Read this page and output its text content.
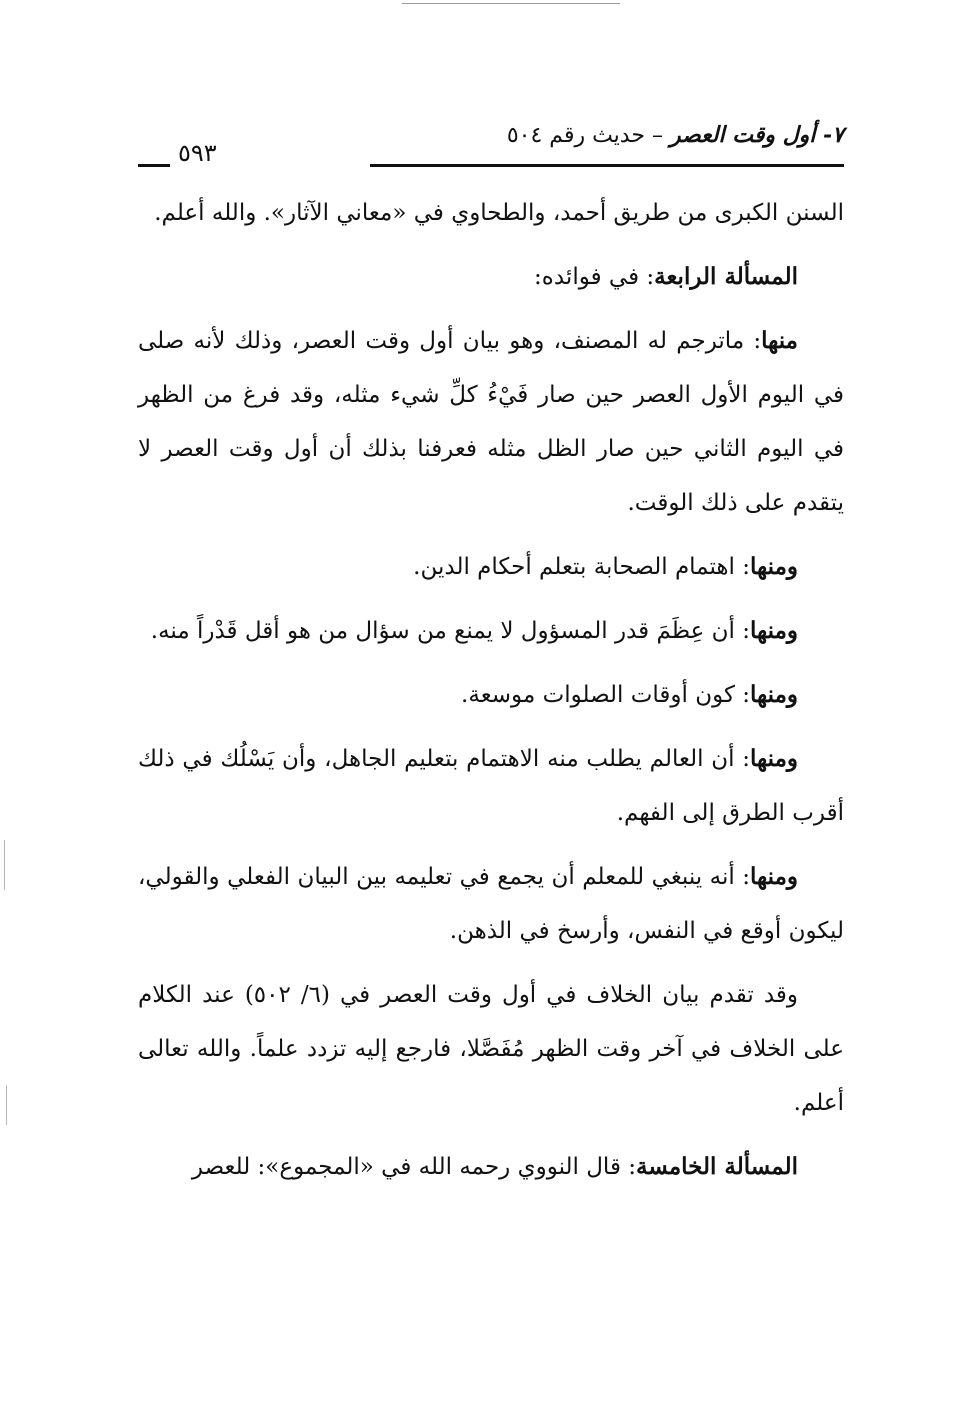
٧- أول وقت العصر – حديث رقم ٥٠٤
٥٩٣

السنن الكبرى من طريق أحمد، والطحاوي في «معاني الآثار». والله أعلم.

المسألة الرابعة: في فوائده:

منها: ماترجم له المصنف، وهو بيان أول وقت العصر، وذلك لأنه صلى في اليوم الأول العصر حين صار فَيْءُ كلِّ شيء مثله، وقد فرغ من الظهر في اليوم الثاني حين صار الظل مثله فعرفنا بذلك أن أول وقت العصر لا يتقدم على ذلك الوقت.

ومنها: اهتمام الصحابة بتعلم أحكام الدين.

ومنها: أن عِظَمَ قدر المسؤول لا يمنع من سؤال من هو أقل قَدْراً منه.

ومنها: كون أوقات الصلوات موسعة.

ومنها: أن العالم يطلب منه الاهتمام بتعليم الجاهل، وأن يَسْلُك في ذلك أقرب الطرق إلى الفهم.

ومنها: أنه ينبغي للمعلم أن يجمع في تعليمه بين البيان الفعلي والقولي، ليكون أوقع في النفس، وأرسخ في الذهن.

وقد تقدم بيان الخلاف في أول وقت العصر في (٦/ ٥٠٢) عند الكلام على الخلاف في آخر وقت الظهر مُفَصَّلا، فارجع إليه تزدد علماً. والله تعالى أعلم.

المسألة الخامسة: قال النووي رحمه الله في «المجموع»: للعصر
